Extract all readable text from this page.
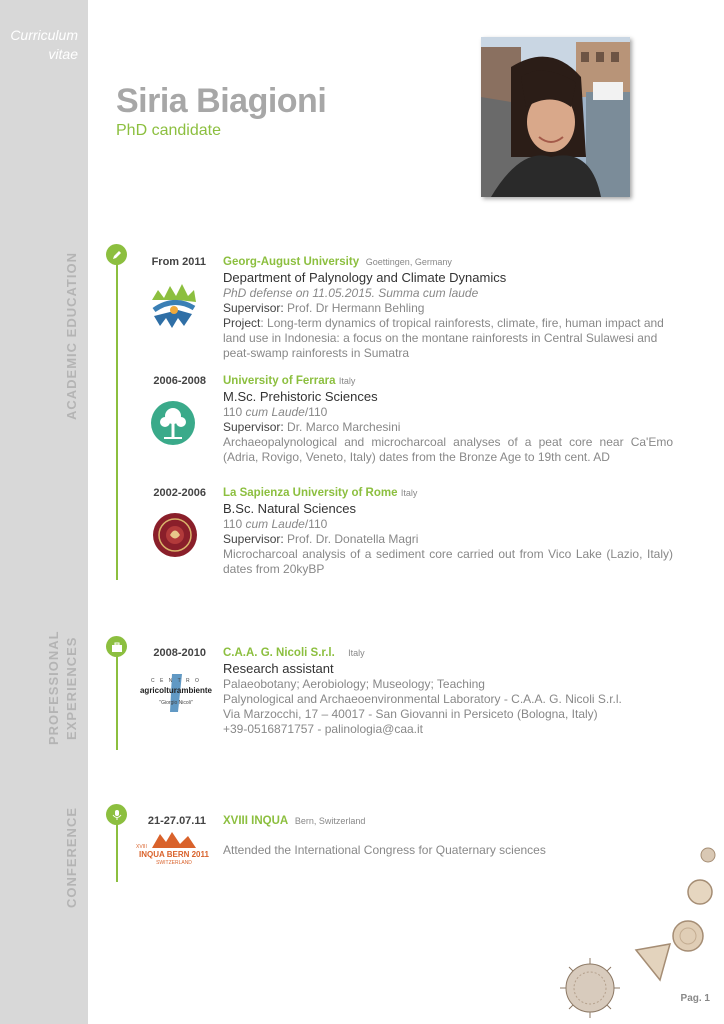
Curriculum
vitae
ACADEMIC EDUCATION
PROFESSIONAL EXPERIENCES
CONFERENCE
Siria Biagioni
PhD candidate
From 2011 Georg-August University Goettingen, Germany
Department of Palynology and Climate Dynamics
PhD defense on 11.05.2015. Summa cum laude
Supervisor: Prof. Dr Hermann Behling
Project: Long-term dynamics of tropical rainforests, climate, fire, human impact and land use in Indonesia: a focus on the montane rainforests in Central Sulawesi and peat-swamp rainforests in Sumatra
2006-2008 University of Ferrara Italy
M.Sc. Prehistoric Sciences
110 cum Laude/110
Supervisor: Dr. Marco Marchesini
Archaeopalynological and microcharcoal analyses of a peat core near Ca'Emo (Adria, Rovigo, Veneto, Italy) dates from the Bronze Age to 19th cent. AD
2002-2006 La Sapienza University of Rome Italy
B.Sc. Natural Sciences
110 cum Laude/110
Supervisor: Prof. Dr. Donatella Magri
Microcharcoal analysis of a sediment core carried out from Vico Lake (Lazio, Italy) dates from 20kyBP
2008-2010
C E N T R O
agricolturambiente
"Giorgio Nicoli"
C.A.A. G. Nicoli S.r.l. Italy
Research assistant
Palaeobotany; Aerobiology; Museology; Teaching
Palynological and Archaeoenvironmental Laboratory - C.A.A. G. Nicoli S.r.l.
Via Marzocchi, 17 – 40017 - San Giovanni in Persiceto (Bologna, Italy)
+39-0516871757 - palinologia@caa.it
21-27.07.11
XVIII
INQUA BERN 2011
SWITZERLAND
XVIII INQUA Bern, Switzerland
Attended the International Congress for Quaternary sciences
Pag. 1
